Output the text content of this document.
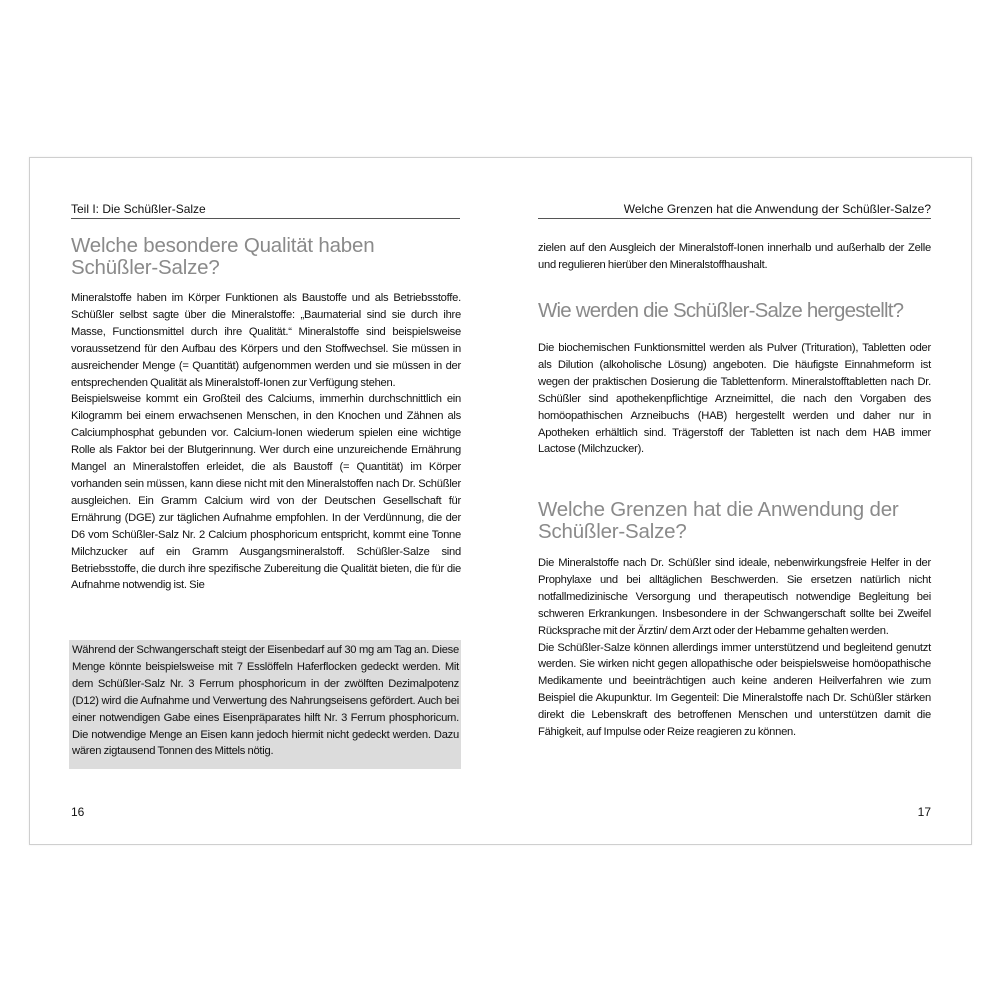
Teil I: Die Schüßler-Salze
Welche besondere Qualität haben Schüßler-Salze?

Mineralstoffe haben im Körper Funktionen als Baustoffe und als Betriebsstoffe. Schüßler selbst sagte über die Mineralstoffe: „Baumaterial sind sie durch ihre Masse, Functionsmittel durch ihre Qualität.“ Mineralstoffe sind beispielsweise voraussetzend für den Aufbau des Körpers und den Stoffwechsel. Sie müssen in ausreichender Menge (= Quantität) aufgenommen werden und sie müssen in der entsprechenden Qualität als Mineralstoff-Ionen zur Verfügung stehen.

Beispielsweise kommt ein Großteil des Calciums, immerhin durchschnittlich ein Kilogramm bei einem erwachsenen Menschen, in den Knochen und Zähnen als Calciumphosphat gebunden vor. Calcium-Ionen wiederum spielen eine wichtige Rolle als Faktor bei der Blutgerinnung. Wer durch eine unzureichende Ernährung Mangel an Mineralstoffen erleidet, die als Baustoff (= Quantität) im Körper vorhanden sein müssen, kann diese nicht mit den Mineralstoffen nach Dr. Schüßler ausgleichen. Ein Gramm Calcium wird von der Deutschen Gesellschaft für Ernährung (DGE) zur täglichen Aufnahme empfohlen. In der Verdünnung, die der D6 vom Schüßler-Salz Nr. 2 Calcium phosphoricum entspricht, kommt eine Tonne Milchzucker auf ein Gramm Ausgangsmineralstoff. Schüßler-Salze sind Betriebsstoffe, die durch ihre spezifische Zubereitung die Qualität bieten, die für die Aufnahme notwendig ist. Sie

Während der Schwangerschaft steigt der Eisenbedarf auf 30 mg am Tag an. Diese Menge könnte beispielsweise mit 7 Esslöffeln Haferflocken gedeckt werden. Mit dem Schüßler-Salz Nr. 3 Ferrum phosphoricum in der zwölften Dezimalpotenz (D12) wird die Aufnahme und Verwertung des Nahrungseisens gefördert. Auch bei einer notwendigen Gabe eines Eisenpräparates hilft Nr. 3 Ferrum phosphoricum. Die notwendige Menge an Eisen kann jedoch hiermit nicht gedeckt werden. Dazu wären zigtausend Tonnen des Mittels nötig.

16
Welche Grenzen hat die Anwendung der Schüßler-Salze?

zielen auf den Ausgleich der Mineralstoff-Ionen innerhalb und außerhalb der Zelle und regulieren hierüber den Mineralstoffhaushalt.

Wie werden die Schüßler-Salze hergestellt?

Die biochemischen Funktionsmittel werden als Pulver (Trituration), Tabletten oder als Dilution (alkoholische Lösung) angeboten. Die häufigste Einnahmeform ist wegen der praktischen Dosierung die Tablettenform. Mineralstofftabletten nach Dr. Schüßler sind apothekenpflichtige Arzneimittel, die nach den Vorgaben des homöopathischen Arzneibuchs (HAB) hergestellt werden und daher nur in Apotheken erhältlich sind. Trägerstoff der Tabletten ist nach dem HAB immer Lactose (Milchzucker).

Welche Grenzen hat die Anwendung der Schüßler-Salze?

Die Mineralstoffe nach Dr. Schüßler sind ideale, nebenwirkungsfreie Helfer in der Prophylaxe und bei alltäglichen Beschwerden. Sie ersetzen natürlich nicht notfallmedizinische Versorgung und therapeutisch notwendige Begleitung bei schweren Erkrankungen. Insbesondere in der Schwangerschaft sollte bei Zweifel Rücksprache mit der Ärztin/ dem Arzt oder der Hebamme gehalten werden.

Die Schüßler-Salze können allerdings immer unterstützend und begleitend genutzt werden. Sie wirken nicht gegen allopathische oder beispielsweise homöopathische Medikamente und beeinträchtigen auch keine anderen Heilverfahren wie zum Beispiel die Akupunktur. Im Gegenteil: Die Mineralstoffe nach Dr. Schüßler stärken direkt die Lebenskraft des betroffenen Menschen und unterstützen damit die Fähigkeit, auf Impulse oder Reize reagieren zu können.

17
